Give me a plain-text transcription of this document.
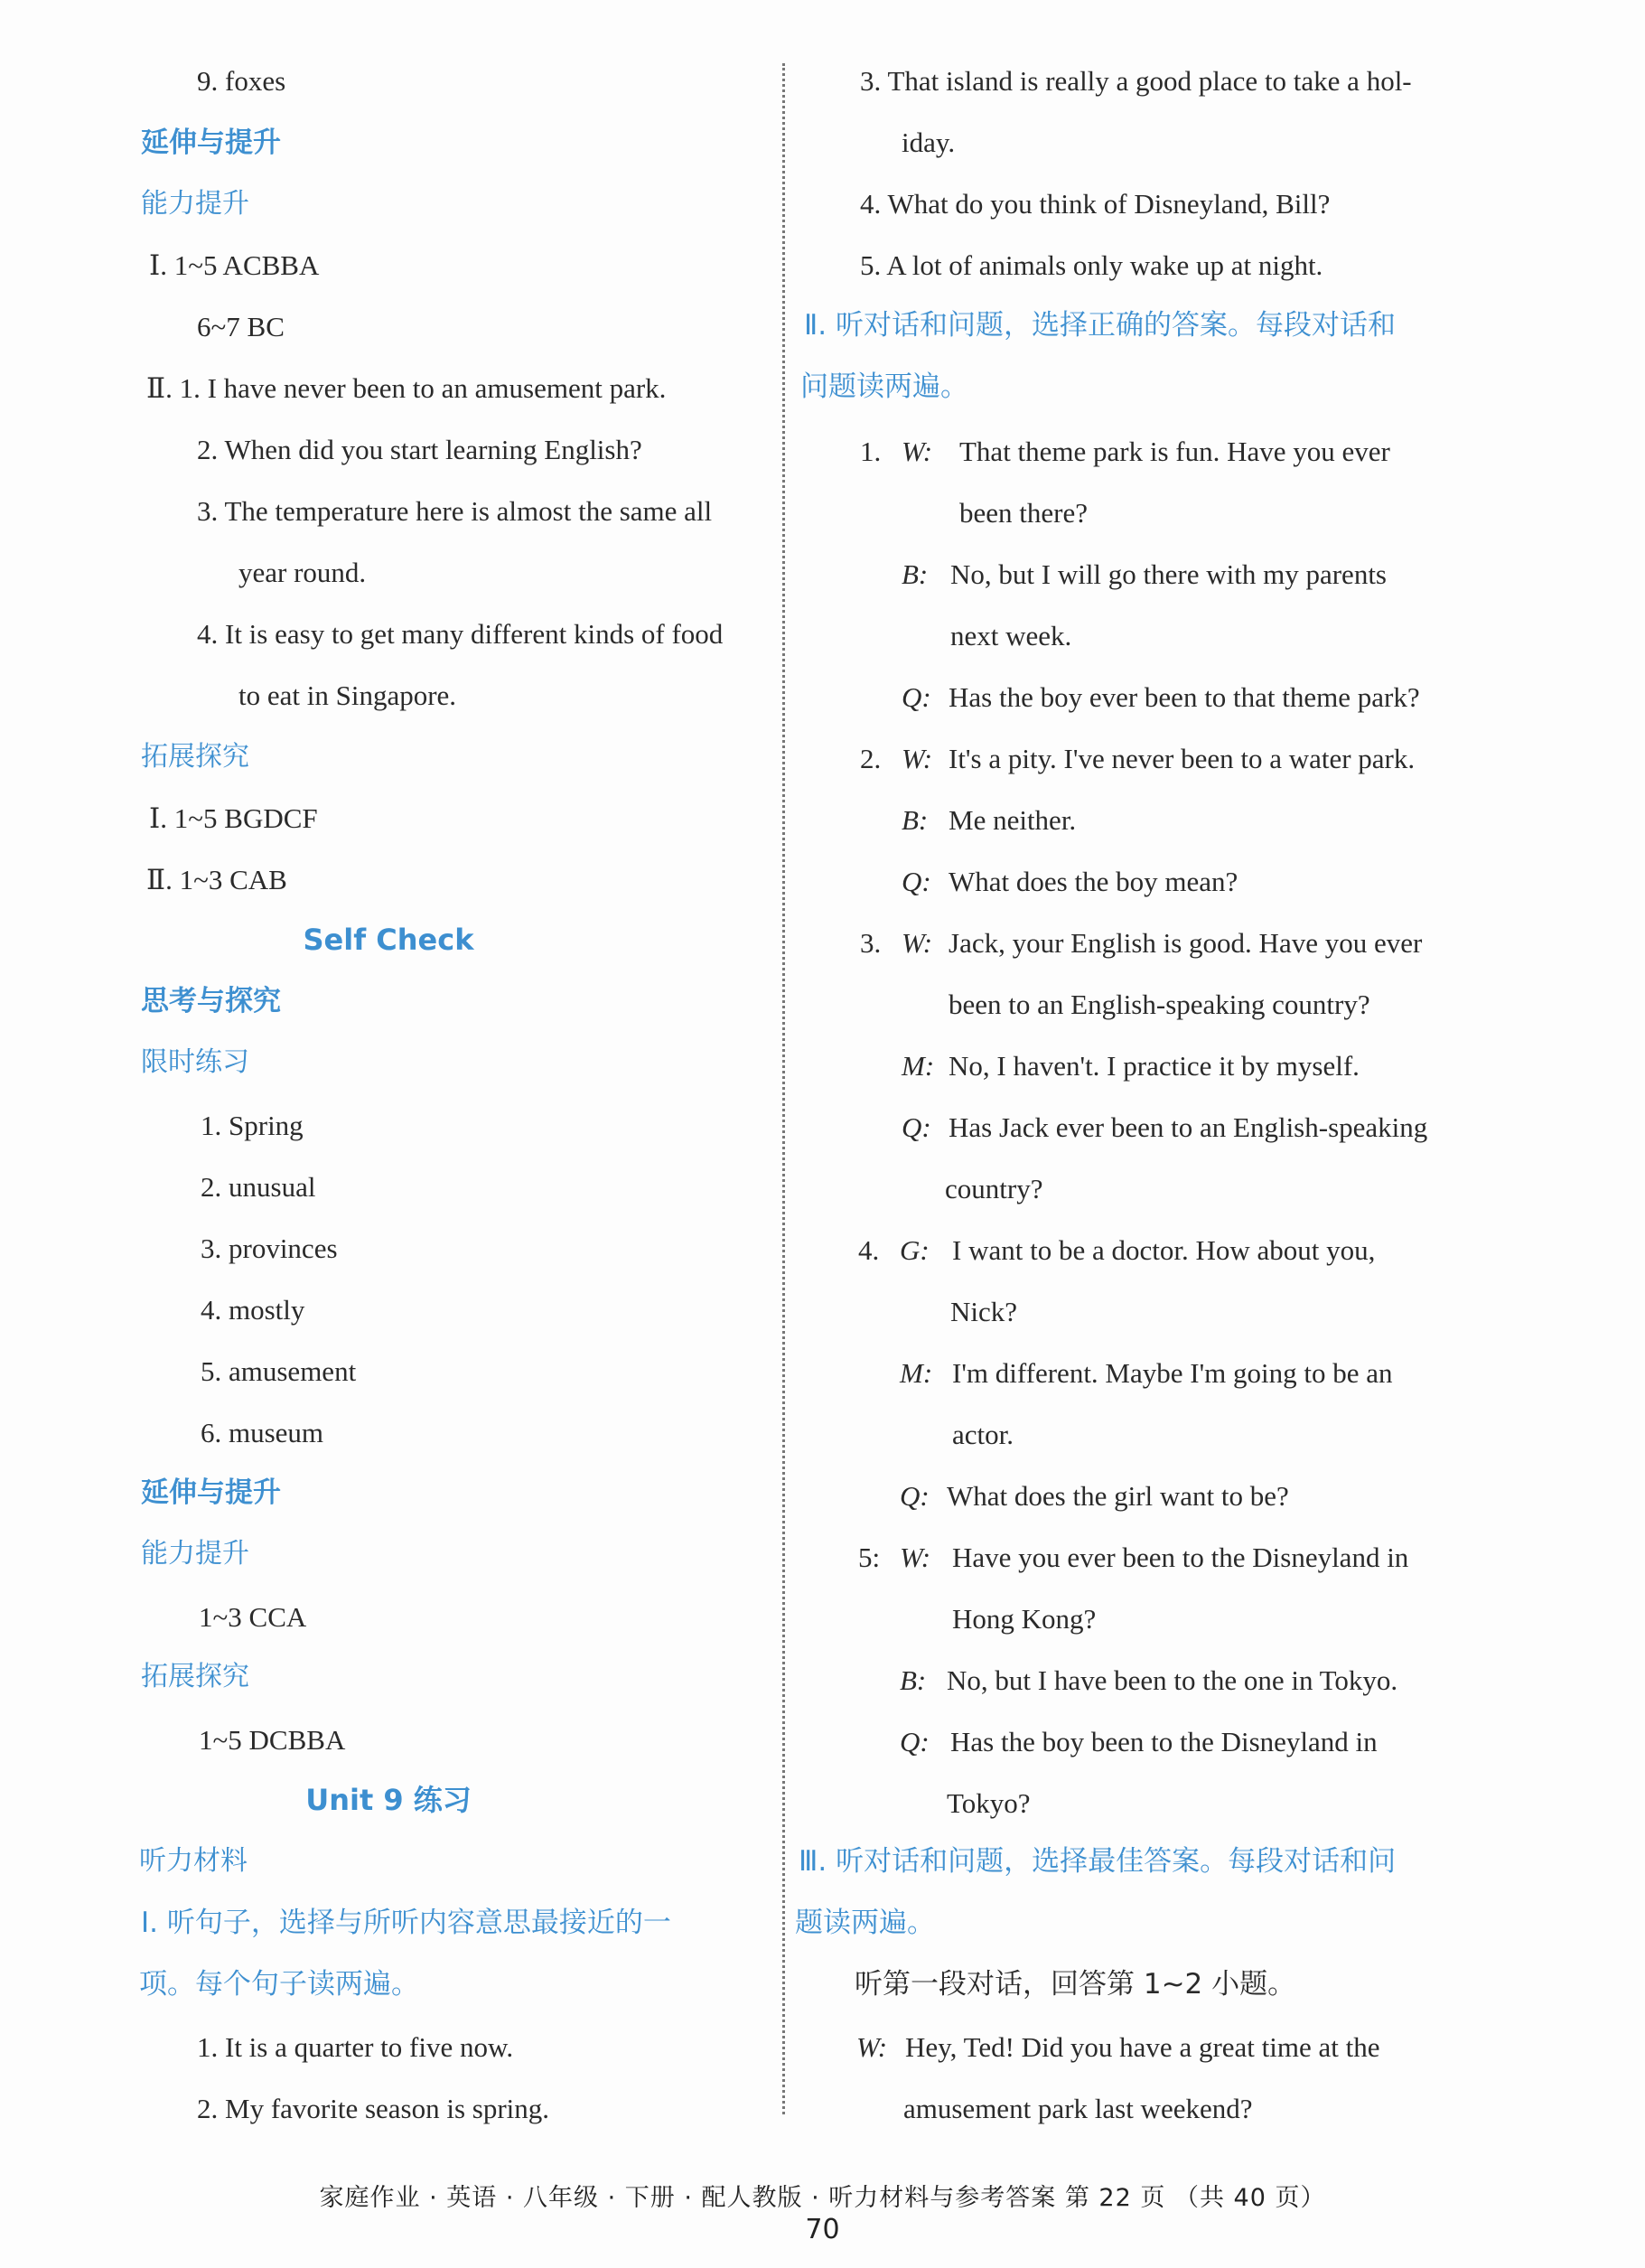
9. foxes
延伸与提升
能力提升
Ⅰ. 1~5 ACBBA
6~7 BC
Ⅱ. 1. I have never been to an amusement park.
2. When did you start learning English?
3. The temperature here is almost the same all
year round.
4. It is easy to get many different kinds of food
to eat in Singapore.
拓展探究
Ⅰ. 1~5 BGDCF
Ⅱ. 1~3 CAB
Self Check
思考与探究
限时练习
1. Spring
2. unusual
3. provinces
4. mostly
5. amusement
6. museum
延伸与提升
能力提升
1~3 CCA
拓展探究
1~5 DCBBA
Unit 9 练习
听力材料
Ⅰ. 听句子，选择与所听内容意思最接近的一
项。每个句子读两遍。
1. It is a quarter to five now.
2. My favorite season is spring.
3. That island is really a good place to take a hol-
iday.
4. What do you think of Disneyland, Bill?
5. A lot of animals only wake up at night.
Ⅱ. 听对话和问题，选择正确的答案。每段对话和
问题读两遍。
1. W: That theme park is fun. Have you ever
been there?
B: No, but I will go there with my parents
next week.
Q: Has the boy ever been to that theme park?
2. W: It's a pity. I've never been to a water park.
B: Me neither.
Q: What does the boy mean?
3. W: Jack, your English is good. Have you ever
been to an English-speaking country?
M: No, I haven't. I practice it by myself.
Q: Has Jack ever been to an English-speaking
country?
4. G: I want to be a doctor. How about you,
Nick?
M: I'm different. Maybe I'm going to be an
actor.
Q: What does the girl want to be?
5: W: Have you ever been to the Disneyland in
Hong Kong?
B: No, but I have been to the one in Tokyo.
Q: Has the boy been to the Disneyland in
Tokyo?
Ⅲ. 听对话和问题，选择最佳答案。每段对话和问
题读两遍。
听第一段对话，回答第 1~2 小题。
W: Hey, Ted! Did you have a great time at the
amusement park last weekend?
家庭作业 · 英语 · 八年级 · 下册 · 配人教版 · 听力材料与参考答案 第 22 页 （共 40 页）
70
